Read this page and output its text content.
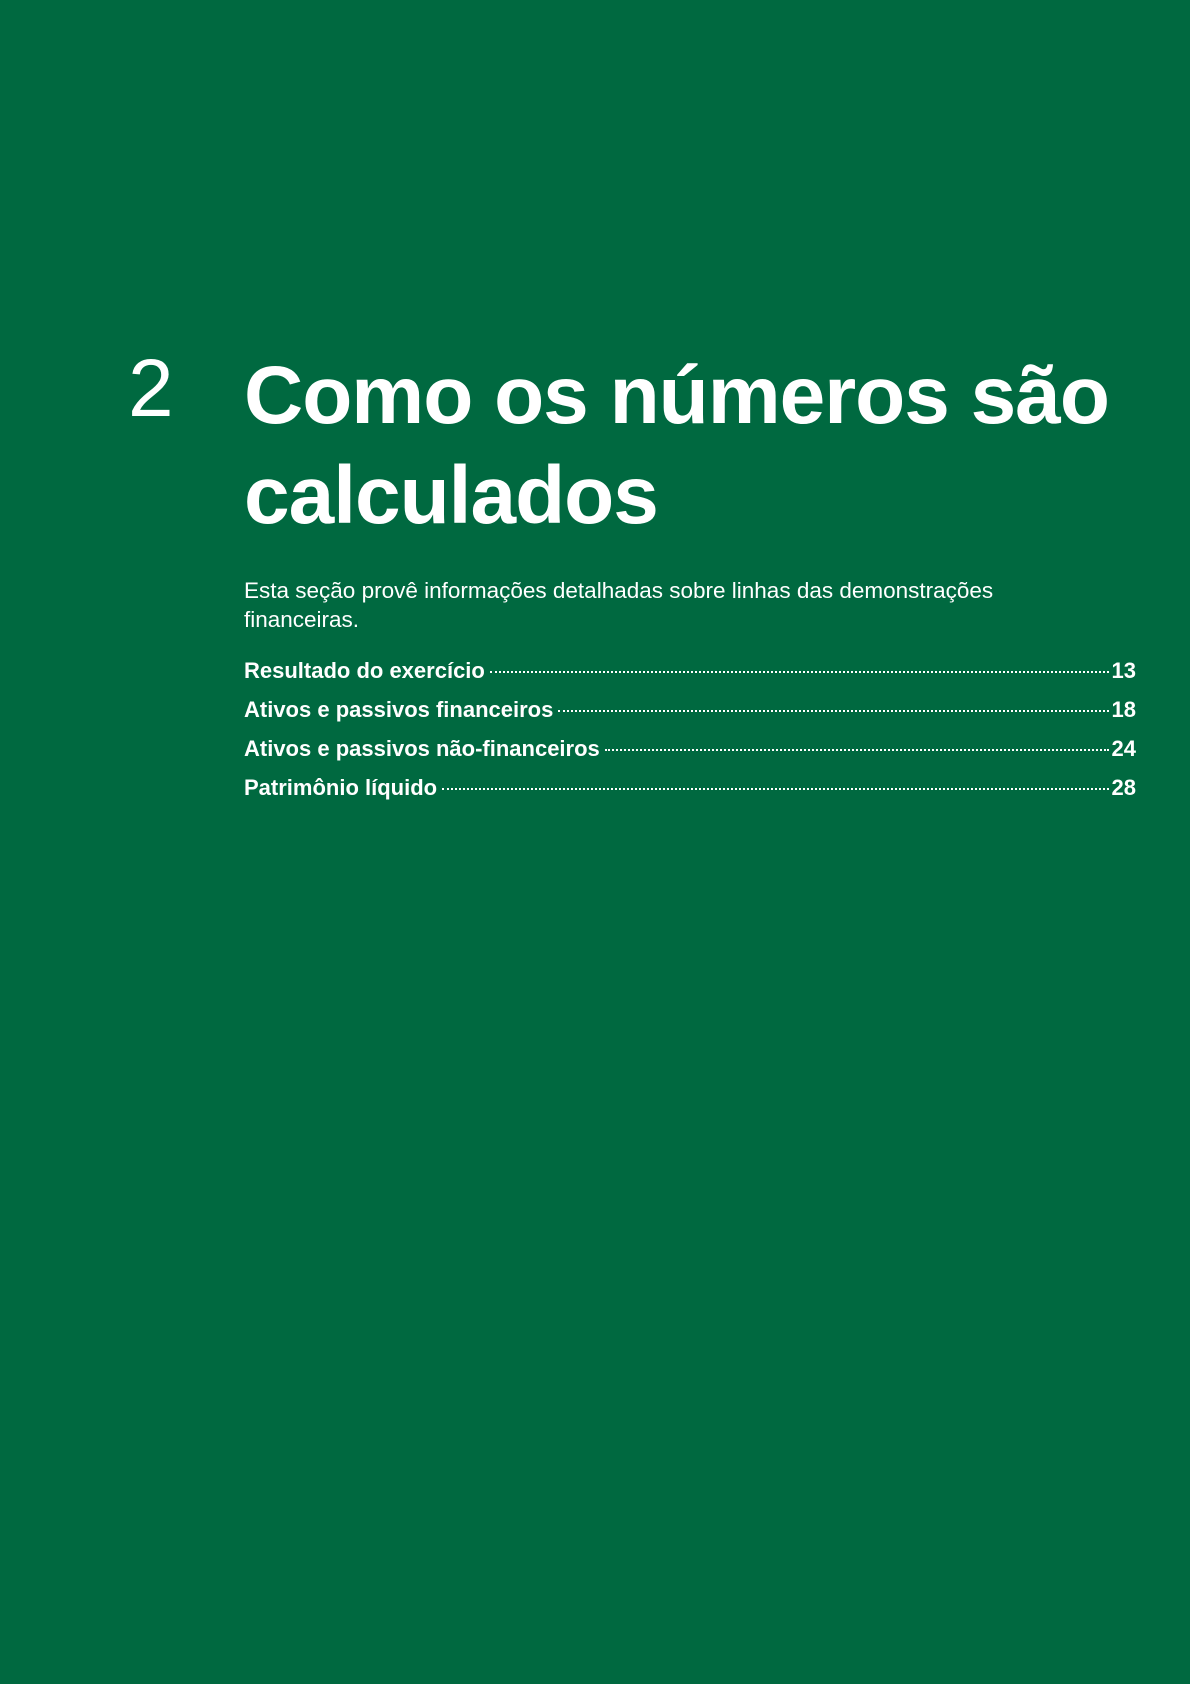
2 Como os números são calculados

Esta seção provê informações detalhadas sobre linhas das demonstrações financeiras.

Resultado do exercício	13
Ativos e passivos financeiros	18
Ativos e passivos não-financeiros	24
Patrimônio líquido	28
